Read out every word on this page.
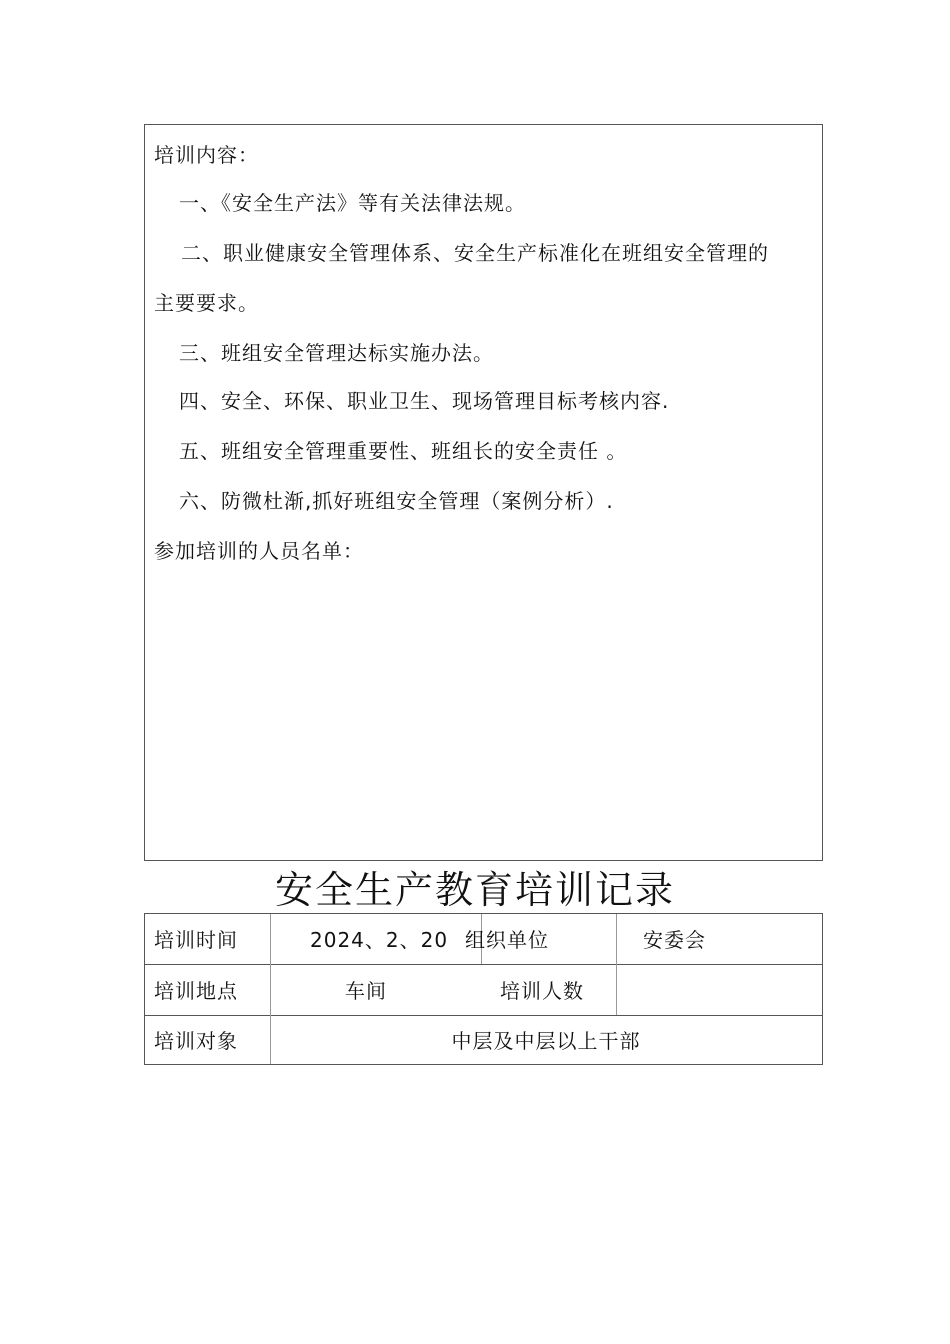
培训内容：
一、《安全生产法》等有关法律法规。
二、职业健康安全管理体系、安全生产标准化在班组安全管理的
主要要求。
三、班组安全管理达标实施办法。
四、安全、环保、职业卫生、现场管理目标考核内容.
五、班组安全管理重要性、班组长的安全责任 。
六、防微杜渐,抓好班组安全管理（案例分析）.
参加培训的人员名单：
安全生产教育培训记录
培训时间	2024、2、20 组织单位	安委会
培训地点	车间	培训人数
培训对象	中层及中层以上干部
